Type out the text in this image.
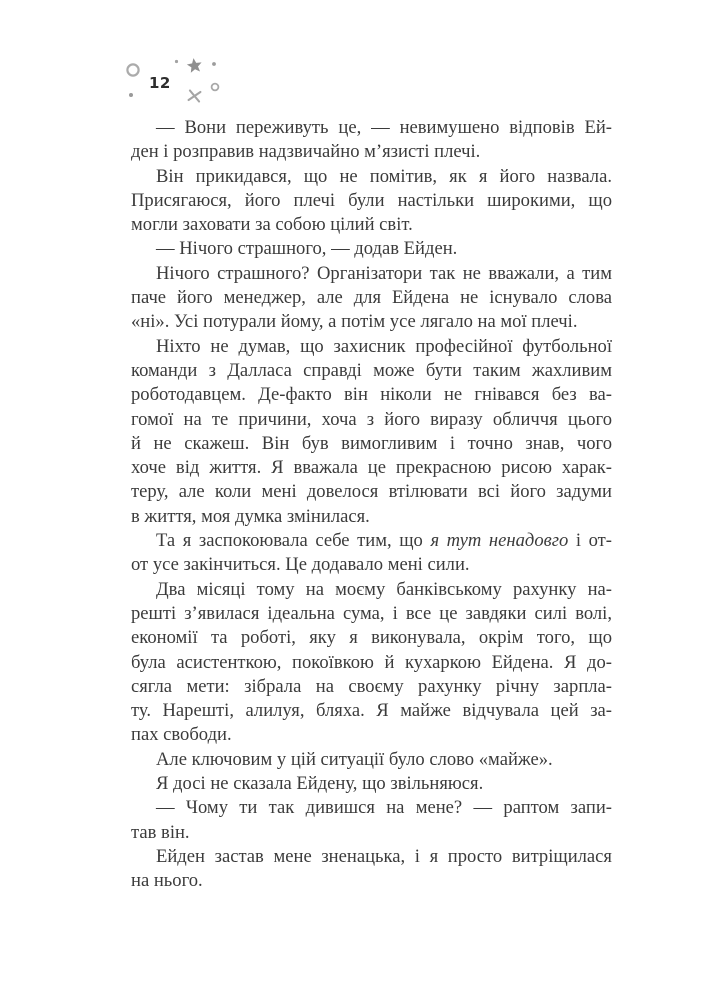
12
— Вони переживуть це, — невимушено відповів Ей-
ден і розправив надзвичайно м’язисті плечі.
Він прикидався, що не помітив, як я його назвала.
Присягаюся, його плечі були настільки широкими, що
могли заховати за собою цілий світ.
— Нічого страшного, — додав Ейден.
Нічого страшного? Організатори так не вважали, а тим
паче його менеджер, але для Ейдена не існувало слова
«ні». Усі потурали йому, а потім усе лягало на мої плечі.
Ніхто не думав, що захисник професійної футбольної
команди з Далласа справді може бути таким жахливим
роботодавцем. Де-факто він ніколи не гнівався без ва-
гомої на те причини, хоча з його виразу обличчя цього
й не скажеш. Він був вимогливим і точно знав, чого
хоче від життя. Я вважала це прекрасною рисою харак-
теру, але коли мені довелося втілювати всі його задуми
в життя, моя думка змінилася.
Та я заспокоювала себе тим, що я тут ненадовго і от-
от усе закінчиться. Це додавало мені сили.
Два місяці тому на моєму банківському рахунку на-
решті з’явилася ідеальна сума, і все це завдяки силі волі,
економії та роботі, яку я виконувала, окрім того, що
була асистенткою, покоївкою й кухаркою Ейдена. Я до-
сягла мети: зібрала на своєму рахунку річну зарпла-
ту. Нарешті, алилуя, бляха. Я майже відчувала цей за-
пах свободи.
Але ключовим у цій ситуації було слово «майже».
Я досі не сказала Ейдену, що звільняюся.
— Чому ти так дивишся на мене? — раптом запи-
тав він.
Ейден застав мене зненацька, і я просто витріщилася
на нього.
